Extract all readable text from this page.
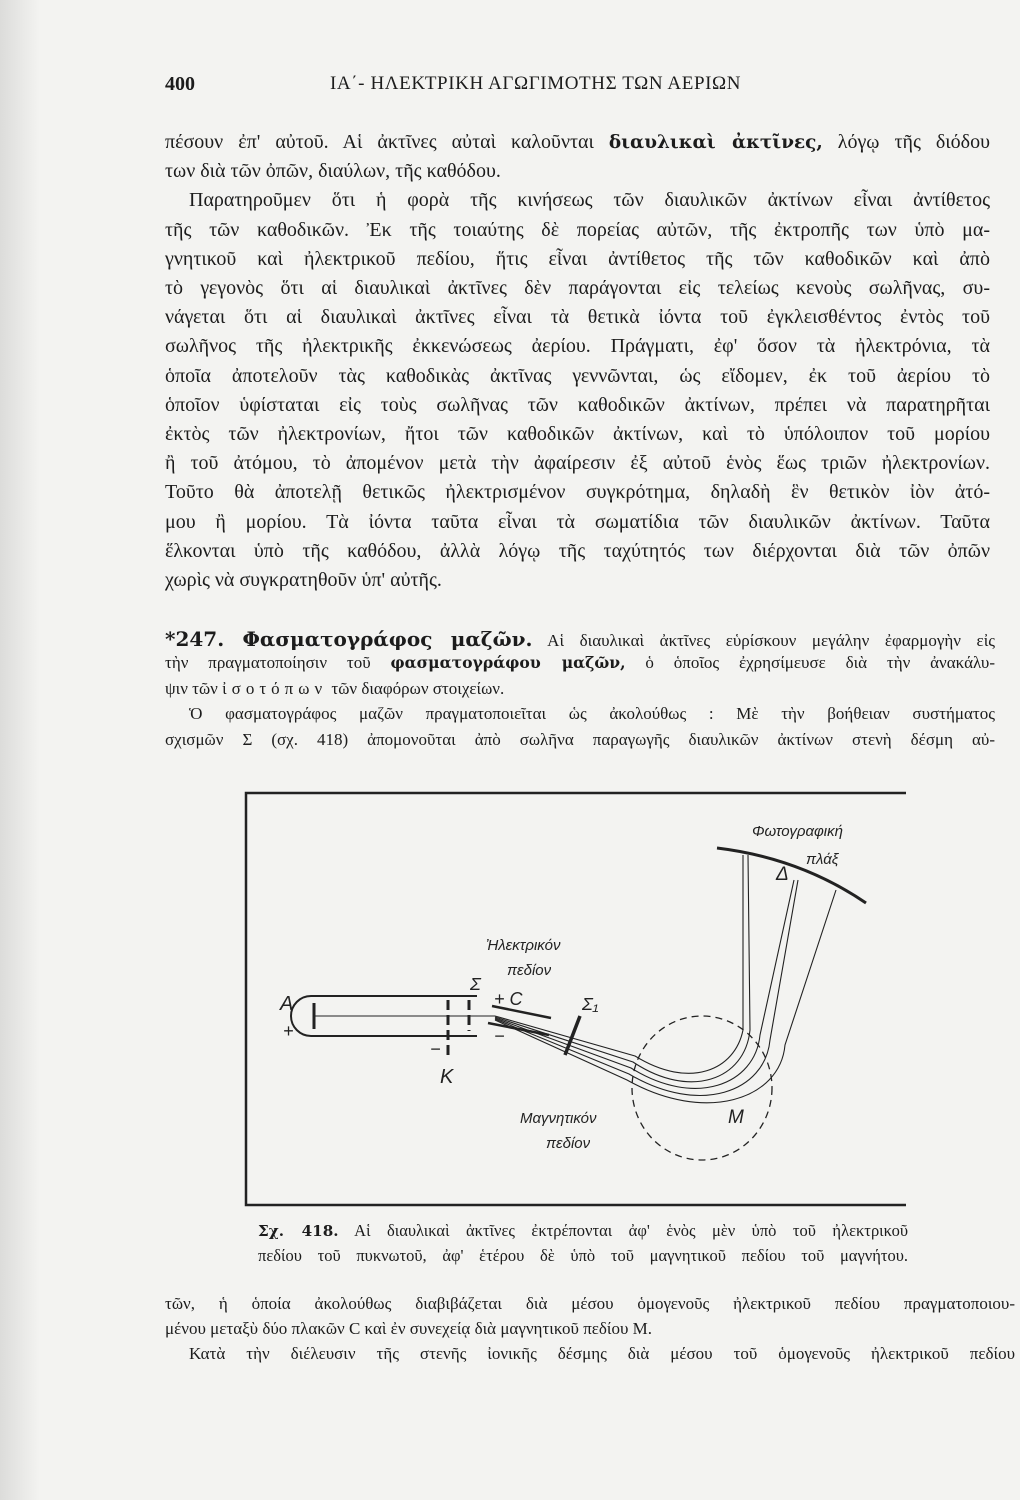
400	ΙΑ΄- ΗΛΕΚΤΡΙΚΗ ΑΓΩΓΙΜΟΤΗΣ ΤΩΝ ΑΕΡΙΩΝ
πέσουν ἐπ' αὐτοῦ. Αἱ ἀκτῖνες αὐταὶ καλοῦνται διαυλικαὶ ἀκτῖνες, λόγῳ τῆς διόδου
των διὰ τῶν ὀπῶν, διαύλων, τῆς καθόδου.
Παρατηροῦμεν ὅτι ἡ φορὰ τῆς κινήσεως τῶν διαυλικῶν ἀκτίνων εἶναι ἀντίθετος
τῆς τῶν καθοδικῶν. Ἐκ τῆς τοιαύτης δὲ πορείας αὐτῶν, τῆς ἐκτροπῆς των ὑπὸ μα-
γνητικοῦ καὶ ἠλεκτρικοῦ πεδίου, ἥτις εἶναι ἀντίθετος τῆς τῶν καθοδικῶν καὶ ἀπὸ
τὸ γεγονὸς ὅτι αἱ διαυλικαὶ ἀκτῖνες δὲν παράγονται εἰς τελείως κενοὺς σωλῆνας, συ-
νάγεται ὅτι αἱ διαυλικαὶ ἀκτῖνες εἶναι τὰ θετικὰ ἰόντα τοῦ ἐγκλεισθέντος ἐντὸς τοῦ
σωλῆνος τῆς ἠλεκτρικῆς ἐκκενώσεως ἀερίου. Πράγματι, ἐφ' ὅσον τὰ ἠλεκτρόνια, τὰ
ὁποῖα ἀποτελοῦν τὰς καθοδικὰς ἀκτῖνας γεννῶνται, ὡς εἴδομεν, ἐκ τοῦ ἀερίου τὸ
ὁποῖον ὑφίσταται εἰς τοὺς σωλῆνας τῶν καθοδικῶν ἀκτίνων, πρέπει νὰ παρατηρῆται
ἐκτὸς τῶν ἠλεκτρονίων, ἤτοι τῶν καθοδικῶν ἀκτίνων, καὶ τὸ ὑπόλοιπον τοῦ μορίου
ἢ τοῦ ἀτόμου, τὸ ἀπομένον μετὰ τὴν ἀφαίρεσιν ἐξ αὐτοῦ ἑνὸς ἕως τριῶν ἠλεκτρονίων.
Τοῦτο θὰ ἀποτελῇ θετικῶς ἠλεκτρισμένον συγκρότημα, δηλαδὴ ἓν θετικὸν ἰὸν ἀτό-
μου ἢ μορίου. Τὰ ἰόντα ταῦτα εἶναι τὰ σωματίδια τῶν διαυλικῶν ἀκτίνων. Ταῦτα
ἕλκονται ὑπὸ τῆς καθόδου, ἀλλὰ λόγῳ τῆς ταχύτητός των διέρχονται διὰ τῶν ὀπῶν
χωρὶς νὰ συγκρατηθοῦν ὑπ' αὐτῆς.
*247. Φασματογράφος μαζῶν. Αἱ διαυλικαὶ ἀκτῖνες εὑρίσκουν μεγάλην ἐφαρμογὴν εἰς
τὴν πραγματοποίησιν τοῦ φασματογράφου μαζῶν, ὁ ὁποῖος ἐχρησίμευσε διὰ τὴν ἀνακάλυ-
ψιν τῶν ἰσοτόπων τῶν διαφόρων στοιχείων.
Ὁ φασματογράφος μαζῶν πραγματοποιεῖται ὡς ἀκολούθως : Μὲ τὴν βοήθειαν συστήματος
σχισμῶν Σ (σχ. 418) ἀπομονοῦται ἀπὸ σωλῆνα παραγωγῆς διαυλικῶν ἀκτίνων στενὴ δέσμη αὐ-
Σχ. 418. Αἱ διαυλικαὶ ἀκτῖνες ἐκτρέπονται ἀφ' ἑνὸς μὲν ὑπὸ τοῦ ἠλεκτρικοῦ
πεδίου τοῦ πυκνωτοῦ, ἀφ' ἑτέρου δὲ ὑπὸ τοῦ μαγνητικοῦ πεδίου τοῦ μαγνήτου.
τῶν, ἡ ὁποία ἀκολούθως διαβιβάζεται διὰ μέσου ὁμογενοῦς ἠλεκτρικοῦ πεδίου πραγματοποιου-
μένου μεταξὺ δύο πλακῶν C καὶ ἐν συνεχείᾳ διὰ μαγνητικοῦ πεδίου M.
Κατὰ τὴν διέλευσιν τῆς στενῆς ἰονικῆς δέσμης διὰ μέσου τοῦ ὁμογενοῦς ἠλεκτρικοῦ πεδίου
A
+
Σ
K
−
+ C
−
Σ₁
Ἠλεκτρικόν
πεδίον
Μαγνητικόν
πεδίον
M
Δ
Φωτογραφική
πλάξ
